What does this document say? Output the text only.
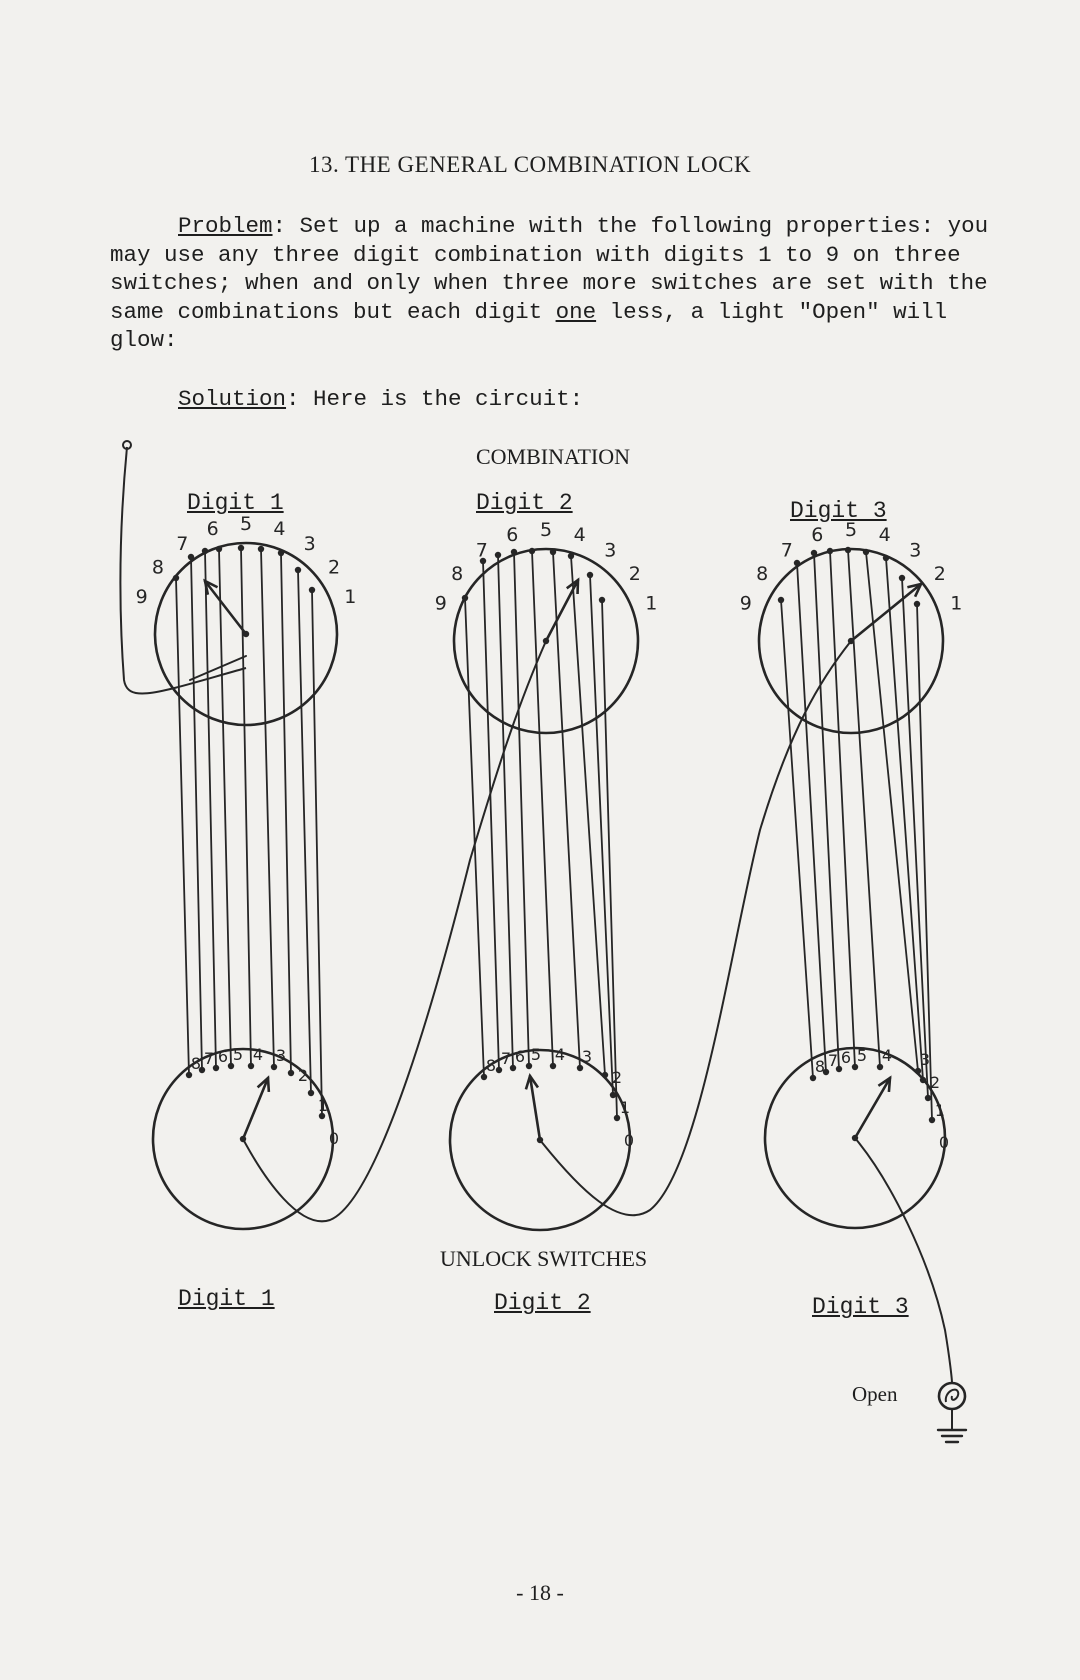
13. THE GENERAL COMBINATION LOCK

Problem: Set up a machine with the following properties: you may use any three digit combination with digits 1 to 9 on three switches; when and only when three more switches are set with the same combinations but each digit one less, a light "Open" will glow:

Solution: Here is the circuit:
9
8
7
6 5 4
3
2
1
8 7 6 5 4 3
2
1
0
9
8
7
6 5 4
3
2
1
8 7 6 5 4 3
2
1
0
9
8
7
6 5 4
3
2
1
8 7 6 5 4 3
2
1
0
COMBINATION
Digit 1	Digit 2	Digit 3
UNLOCK SWITCHES
Digit 1	Digit 2	Digit 3
Open
- 18 -
